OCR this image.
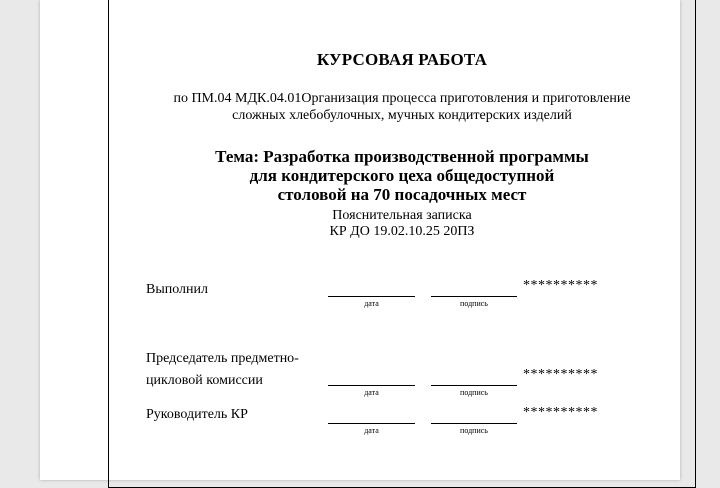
КУРСОВАЯ РАБОТА
по ПМ.04 МДК.04.01Организация процесса приготовления и приготовление
сложных хлебобулочных, мучных кондитерских изделий
Тема: Разработка производственной программы
для кондитерского цеха общедоступной
столовой на 70 посадочных мест
Пояснительная записка
КР ДО 19.02.10.25 20ПЗ
Выполнил
дата	подпись
**********
Председатель предметно-
цикловой комиссии
дата	подпись
**********
Руководитель КР
дата	подпись
**********
